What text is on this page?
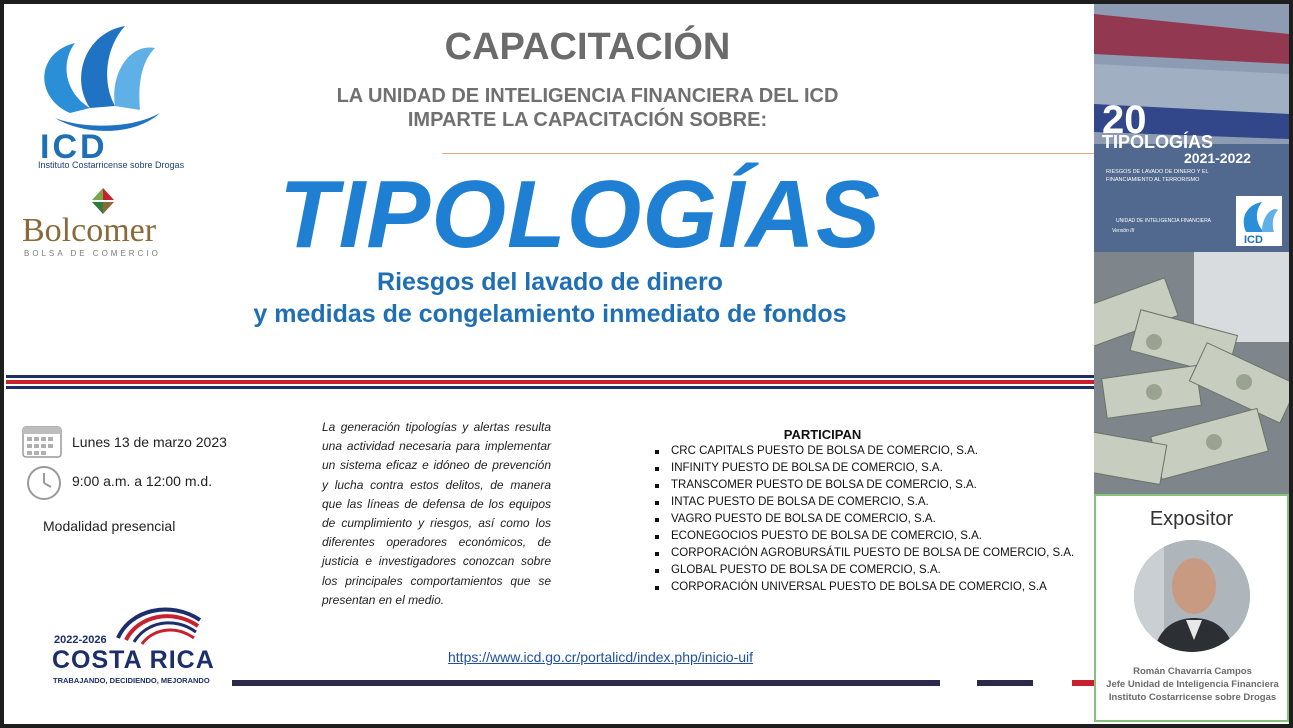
ICD
Instituto Costarricense sobre Drogas
Bolcomer
BOLSA DE COMERCIO
CAPACITACIÓN
LA UNIDAD DE INTELIGENCIA FINANCIERA DEL ICD
IMPARTE LA CAPACITACIÓN SOBRE:
TIPOLOGÍAS
Riesgos del lavado de dinero
y medidas de congelamiento inmediato de fondos
20
TIPOLOGÍAS
2021-2022
RIESGOS DE LAVADO DE DINERO Y EL
FINANCIAMIENTO AL TERRORISMO
UNIDAD DE INTELIGENCIA FINANCIERA
Versión III
ICD
Expositor
Román Chavarría Campos
Jefe Unidad de Inteligencia Financiera
Instituto Costarricense sobre Drogas
Lunes 13 de marzo 2023
9:00 a.m. a 12:00 m.d.
Modalidad presencial
La generación tipologías y alertas resulta una actividad necesaria para implementar un sistema eficaz e idóneo de prevención y lucha contra estos delitos, de manera que las líneas de defensa de los equipos de cumplimiento y riesgos, así como los diferentes operadores económicos, de justicia e investigadores conozcan sobre los principales comportamientos que se presentan en el medio.
PARTICIPAN
CRC CAPITALS PUESTO DE BOLSA DE COMERCIO, S.A.
INFINITY PUESTO DE BOLSA DE COMERCIO, S.A.
TRANSCOMER PUESTO DE BOLSA DE COMERCIO, S.A.
INTAC PUESTO DE BOLSA DE COMERCIO, S.A.
VAGRO PUESTO DE BOLSA DE COMERCIO, S.A.
ECONEGOCIOS PUESTO DE BOLSA DE COMERCIO, S.A.
CORPORACIÓN AGROBURSÁTIL PUESTO DE BOLSA DE COMERCIO, S.A.
GLOBAL PUESTO DE BOLSA DE COMERCIO, S.A.
CORPORACIÓN UNIVERSAL PUESTO DE BOLSA DE COMERCIO, S.A
https://www.icd.go.cr/portalicd/index.php/inicio-uif
2022-2026
COSTA RICA
TRABAJANDO, DECIDIENDO, MEJORANDO
